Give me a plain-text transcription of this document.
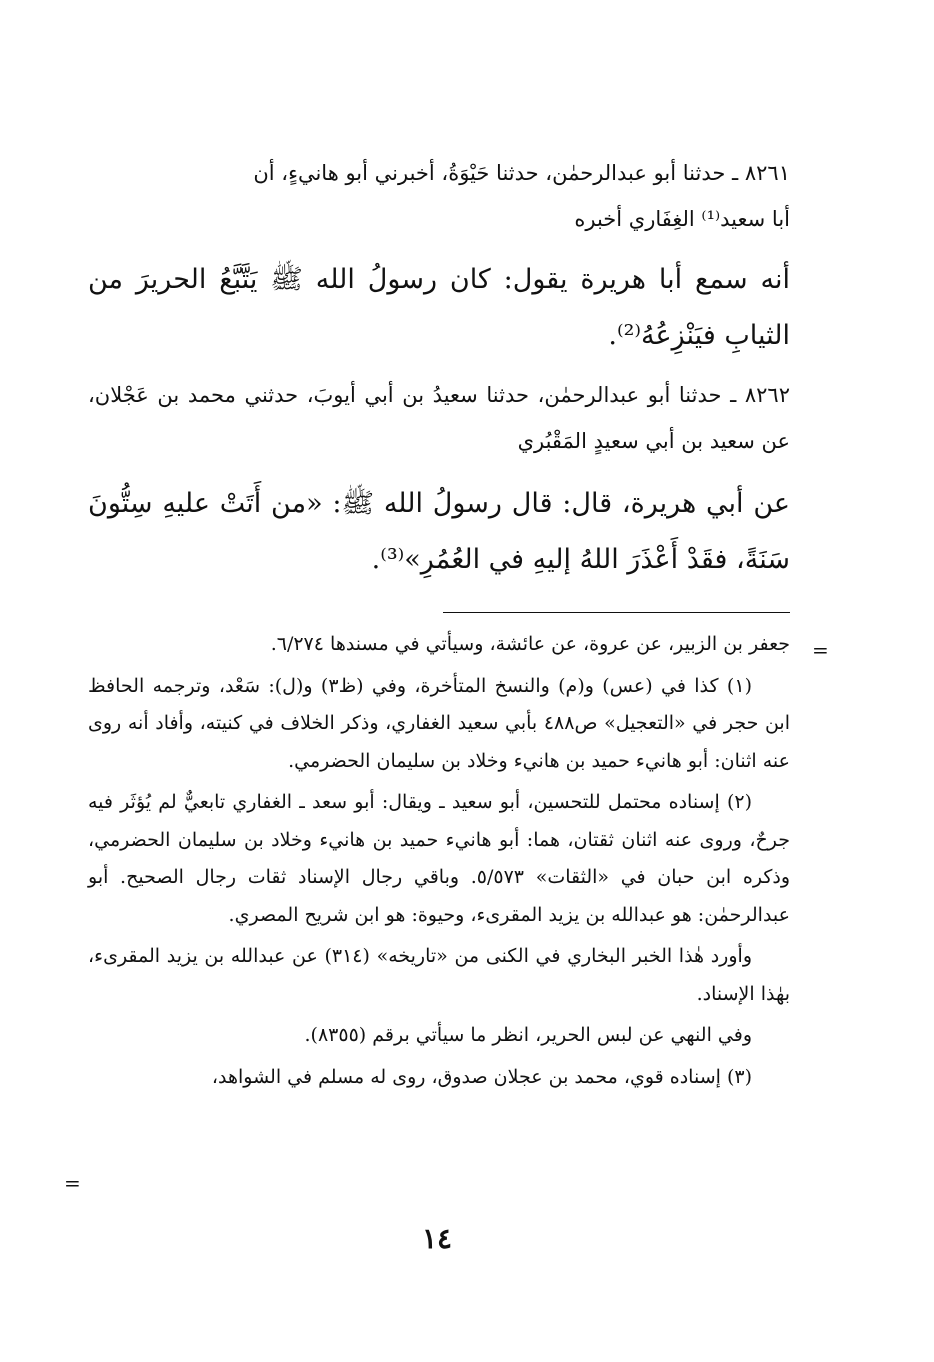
٨٢٦١ ـ حدثنا أبو عبدالرحمٰن، حدثنا حَيْوَةُ، أخبرني أبو هانيءٍ، أن
أبا سعيد⁽¹⁾ الغِفَاري أخبره
أنه سمع أبا هريرة يقول: كان رسولُ الله ﷺ يَتَّبَّعُ الحريرَ من الثيابِ فيَنْزِعُهُ⁽²⁾.
٨٢٦٢ ـ حدثنا أبو عبدالرحمٰن، حدثنا سعيدُ بن أبي أيوبَ، حدثني محمد بن عَجْلان، عن سعيد بن أبي سعيدٍ المَقْبُري
عن أبي هريرة، قال: قال رسولُ الله ﷺ: «من أَتَتْ عليهِ سِتُّونَ سَنَةً، فقَدْ أَعْذَرَ اللهُ إليهِ في العُمُرِ»⁽³⁾.
=
=

جعفر بن الزبير، عن عروة، عن عائشة، وسيأتي في مسندها ٦/٢٧٤.

(١) كذا في (عس) و(م) والنسخ المتأخرة، وفي (ظ٣) و(ل): سَعْد، وترجمه الحافظ ابن حجر في «التعجيل» ص٤٨٨ بأبي سعيد الغفاري، وذكر الخلاف في كنيته، وأفاد أنه روى عنه اثنان: أبو هانيء حميد بن هانيء وخلاد بن سليمان الحضرمي.

(٢) إسناده محتمل للتحسين، أبو سعيد ـ ويقال: أبو سعد ـ الغفاري تابعيٌّ لم يُؤثَر فيه جرحٌ، وروى عنه اثنان ثقتان، هما: أبو هانيء حميد بن هانيء وخلاد بن سليمان الحضرمي، وذكره ابن حبان في «الثقات» ٥/٥٧٣. وباقي رجال الإسناد ثقات رجال الصحيح. أبو عبدالرحمٰن: هو عبدالله بن يزيد المقرىء، وحيوة: هو ابن شريح المصري.

وأورد هٰذا الخبر البخاري في الكنى من «تاريخه» (٣١٤) عن عبدالله بن يزيد المقرىء، بهٰذا الإسناد.

وفي النهي عن لبس الحرير، انظر ما سيأتي برقم (٨٣٥٥).

(٣) إسناده قوي، محمد بن عجلان صدوق، روى له مسلم في الشواهد،

١٤
